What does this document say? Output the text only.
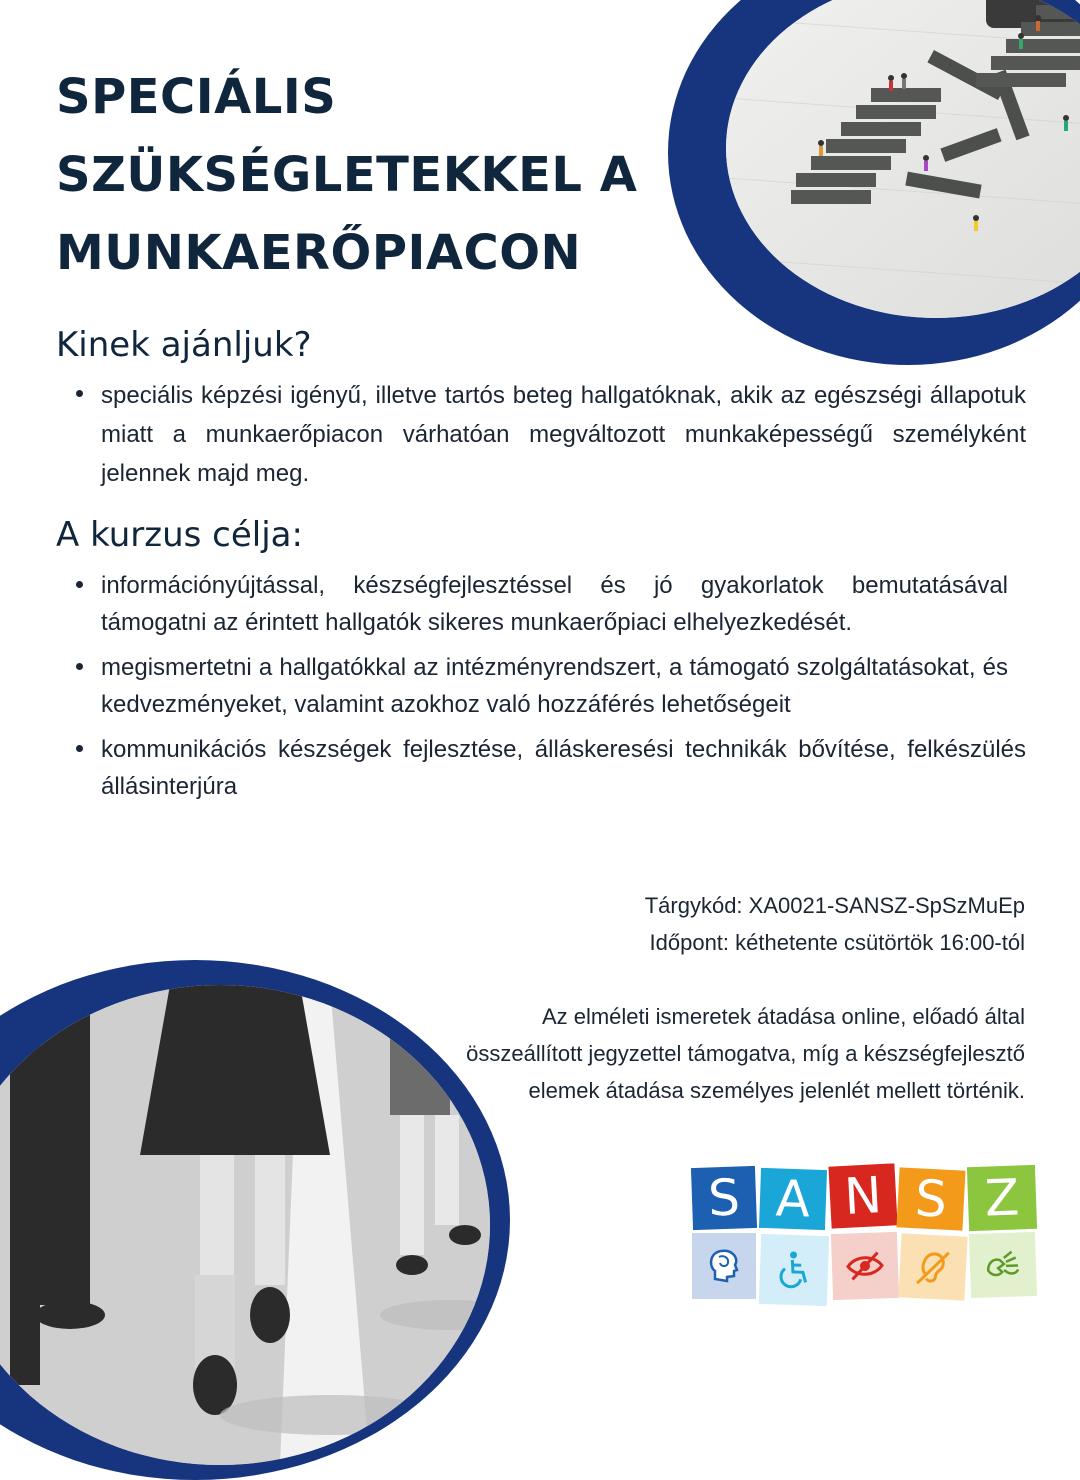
SPECIÁLIS
SZÜKSÉGLETEKKEL A
MUNKAERŐPIACON
Kinek ajánljuk?
speciális képzési igényű, illetve tartós beteg hallgatóknak, akik az egészségi állapotuk miatt a munkaerőpiacon várhatóan megváltozott munkaképességű személyként jelennek majd meg.
A kurzus célja:
információnyújtással, készségfejlesztéssel és jó gyakorlatok bemutatásával támogatni az érintett hallgatók sikeres munkaerőpiaci elhelyezkedését.
megismertetni a hallgatókkal az intézményrendszert, a támogató szolgáltatásokat, és kedvezményeket, valamint azokhoz való hozzáférés lehetőségeit
kommunikációs készségek fejlesztése, álláskeresési technikák bővítése, felkészülés állásinterjúra

Tárgykód: XA0021-SANSZ-SpSzMuEp

Időpont: kéthetente csütörtök 16:00-tól

Az elméleti ismeretek átadása online, előadó által összeállított jegyzettel támogatva, míg a készségfejlesztő elemek átadása személyes jelenlét mellett történik.

S A N S Z
